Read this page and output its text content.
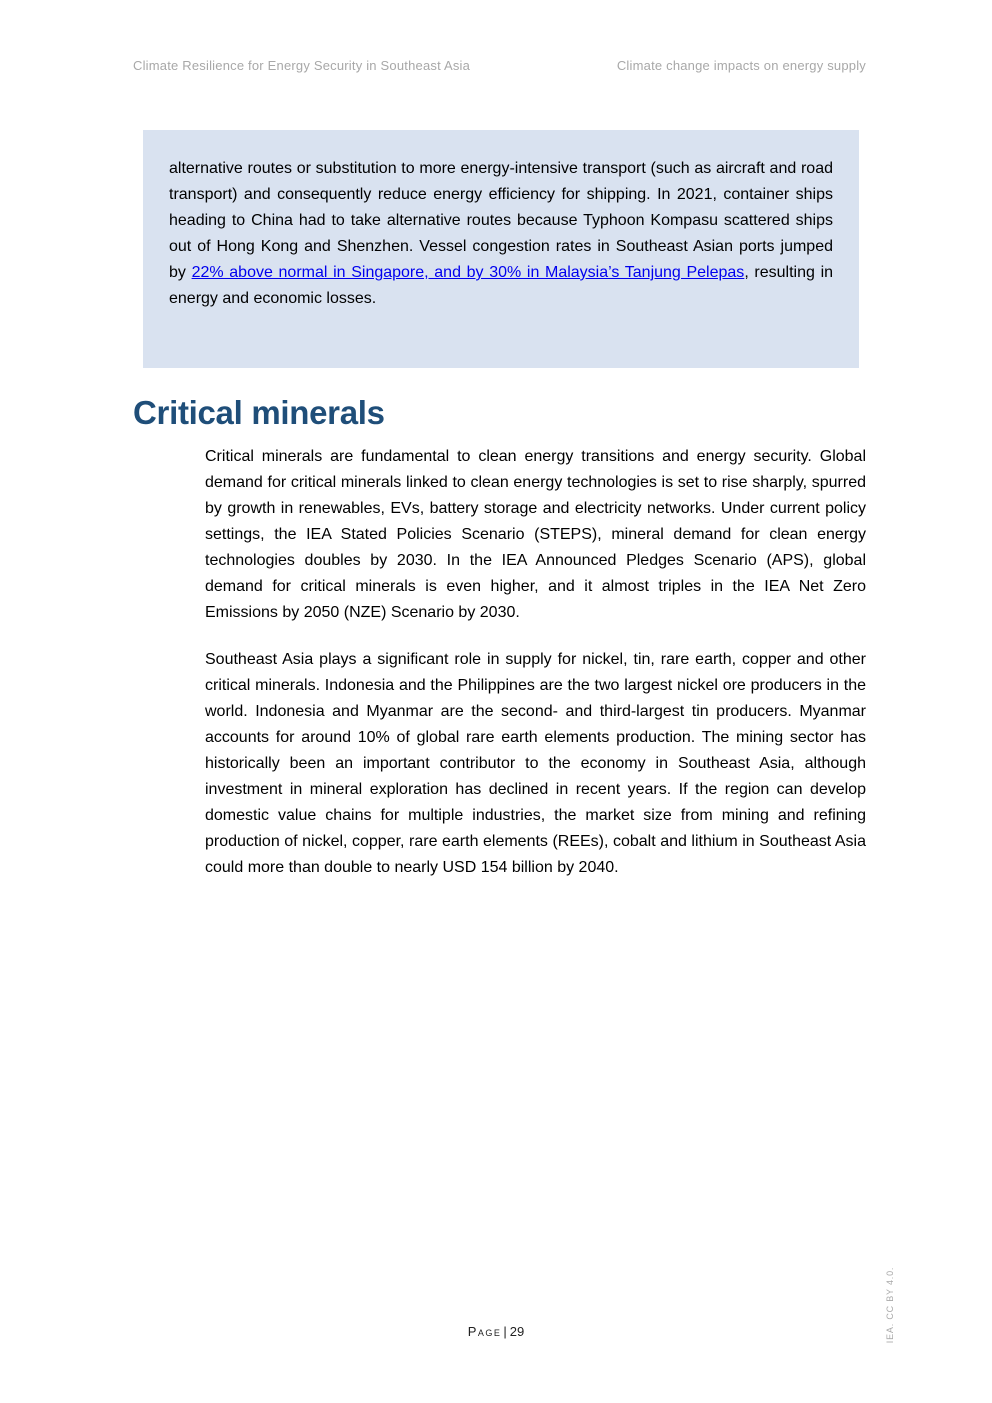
Climate Resilience for Energy Security in Southeast Asia	Climate change impacts on energy supply
alternative routes or substitution to more energy-intensive transport (such as aircraft and road transport) and consequently reduce energy efficiency for shipping. In 2021, container ships heading to China had to take alternative routes because Typhoon Kompasu scattered ships out of Hong Kong and Shenzhen. Vessel congestion rates in Southeast Asian ports jumped by 22% above normal in Singapore, and by 30% in Malaysia’s Tanjung Pelepas, resulting in energy and economic losses.
Critical minerals

Critical minerals are fundamental to clean energy transitions and energy security. Global demand for critical minerals linked to clean energy technologies is set to rise sharply, spurred by growth in renewables, EVs, battery storage and electricity networks. Under current policy settings, the IEA Stated Policies Scenario (STEPS), mineral demand for clean energy technologies doubles by 2030. In the IEA Announced Pledges Scenario (APS), global demand for critical minerals is even higher, and it almost triples in the IEA Net Zero Emissions by 2050 (NZE) Scenario by 2030.

Southeast Asia plays a significant role in supply for nickel, tin, rare earth, copper and other critical minerals. Indonesia and the Philippines are the two largest nickel ore producers in the world. Indonesia and Myanmar are the second- and third-largest tin producers. Myanmar accounts for around 10% of global rare earth elements production. The mining sector has historically been an important contributor to the economy in Southeast Asia, although investment in mineral exploration has declined in recent years. If the region can develop domestic value chains for multiple industries, the market size from mining and refining production of nickel, copper, rare earth elements (REEs), cobalt and lithium in Southeast Asia could more than double to nearly USD 154 billion by 2040.

Page | 29	IEA. CC BY 4.0.
